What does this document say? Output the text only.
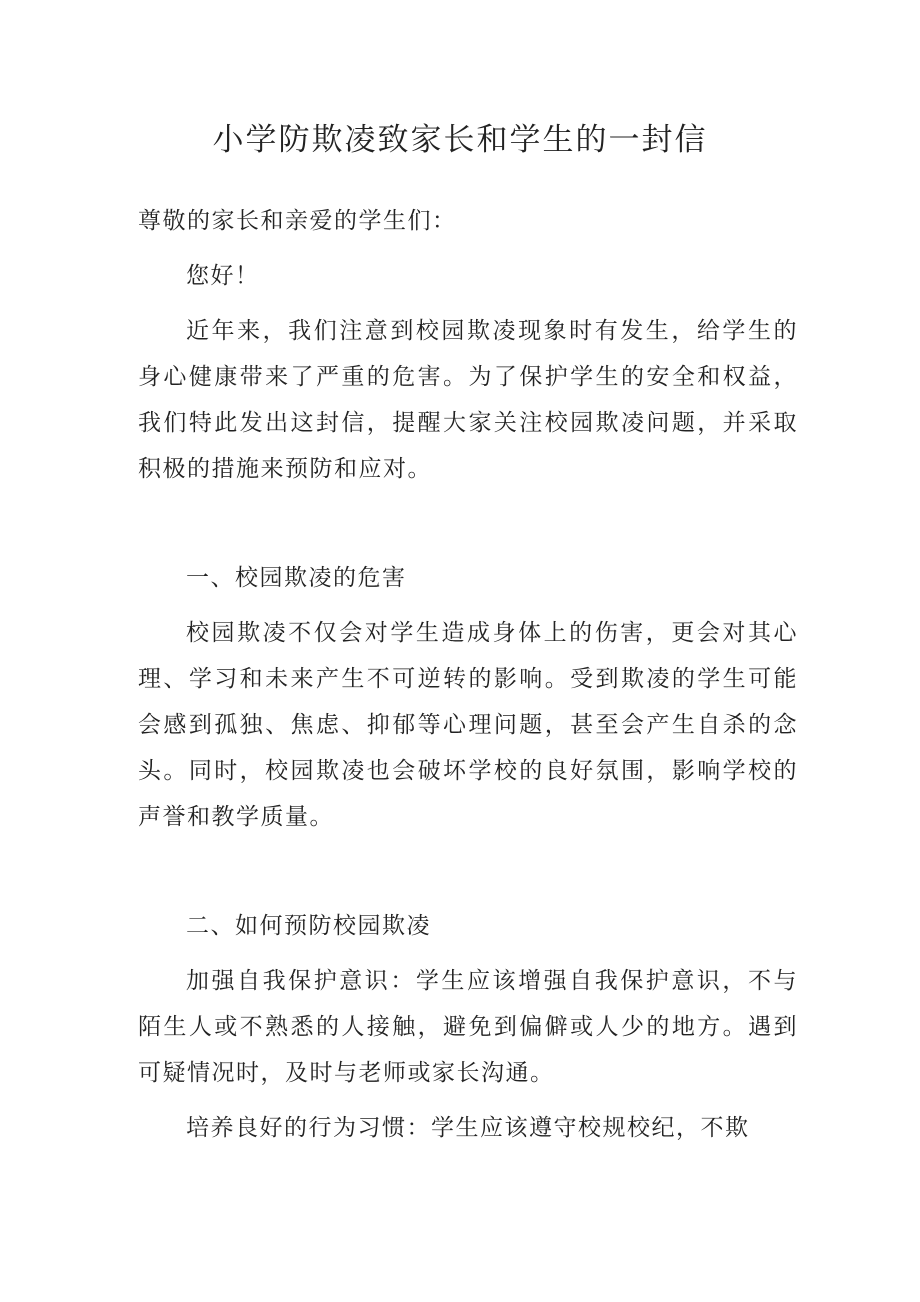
小学防欺凌致家长和学生的一封信

尊敬的家长和亲爱的学生们：

您好！

近年来，我们注意到校园欺凌现象时有发生，给学生的身心健康带来了严重的危害。为了保护学生的安全和权益，我们特此发出这封信，提醒大家关注校园欺凌问题，并采取积极的措施来预防和应对。

一、校园欺凌的危害

校园欺凌不仅会对学生造成身体上的伤害，更会对其心理、学习和未来产生不可逆转的影响。受到欺凌的学生可能会感到孤独、焦虑、抑郁等心理问题，甚至会产生自杀的念头。同时，校园欺凌也会破坏学校的良好氛围，影响学校的声誉和教学质量。

二、如何预防校园欺凌

加强自我保护意识：学生应该增强自我保护意识，不与陌生人或不熟悉的人接触，避免到偏僻或人少的地方。遇到可疑情况时，及时与老师或家长沟通。

培养良好的行为习惯：学生应该遵守校规校纪，不欺
